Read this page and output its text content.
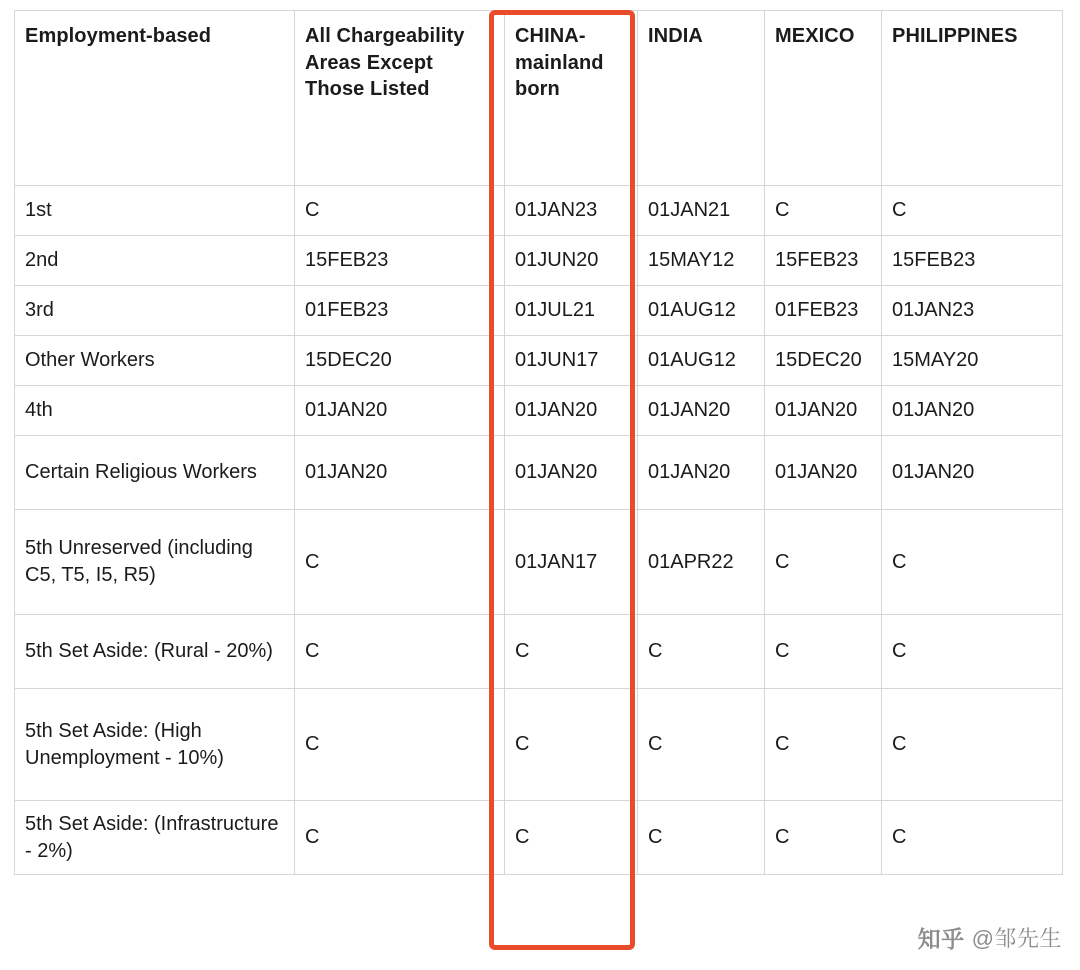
Employment-based	All Chargeability Areas Except Those Listed	CHINA-mainland born	INDIA	MEXICO	PHILIPPINES
1st	C	01JAN23	01JAN21	C	C
2nd	15FEB23	01JUN20	15MAY12	15FEB23	15FEB23
3rd	01FEB23	01JUL21	01AUG12	01FEB23	01JAN23
Other Workers	15DEC20	01JUN17	01AUG12	15DEC20	15MAY20
4th	01JAN20	01JAN20	01JAN20	01JAN20	01JAN20
Certain Religious Workers	01JAN20	01JAN20	01JAN20	01JAN20	01JAN20
5th Unreserved (including C5, T5, I5, R5)	C	01JAN17	01APR22	C	C
5th Set Aside: (Rural - 20%)	C	C	C	C	C
5th Set Aside: (High Unemployment - 10%)	C	C	C	C	C
5th Set Aside: (Infrastructure - 2%)	C	C	C	C	C
知乎 @邹先生
